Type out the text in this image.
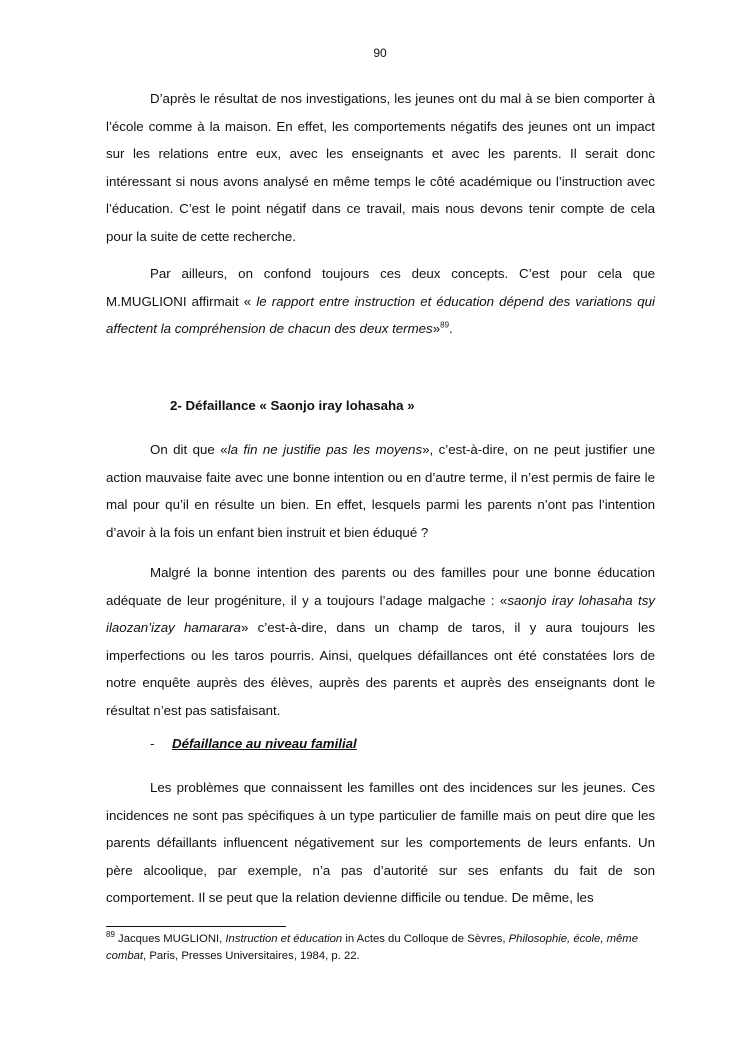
90

D’après le résultat de nos investigations, les jeunes ont du mal à se bien comporter à l’école comme à la maison. En effet, les comportements négatifs des jeunes ont un impact sur les relations entre eux, avec les enseignants et avec les parents. Il serait donc intéressant si nous avons analysé en même temps le côté académique ou l’instruction avec l’éducation. C’est le point négatif dans ce travail, mais nous devons tenir compte de cela pour la suite de cette recherche.

Par ailleurs, on confond toujours ces deux concepts. C’est pour cela que M.MUGLIONI affirmait « le rapport entre instruction et éducation dépend des variations qui affectent la compréhension de chacun des deux termes»$^{89}$.

2- Défaillance « Saonjo iray lohasaha »

On dit que «la fin ne justifie pas les moyens», c’est-à-dire, on ne peut justifier une action mauvaise faite avec une bonne intention ou en d’autre terme, il n’est permis de faire le mal pour qu’il en résulte un bien. En effet, lesquels parmi les parents n’ont pas l’intention d’avoir à la fois un enfant bien instruit et bien éduqué ?

Malgré la bonne intention des parents ou des familles pour une bonne éducation adéquate de leur progéniture, il y a toujours l’adage malgache : «saonjo iray lohasaha tsy ilaozan’izay hamarara» c’est-à-dire, dans un champ de taros, il y aura toujours les imperfections ou les taros pourris. Ainsi, quelques défaillances ont été constatées lors de notre enquête auprès des élèves, auprès des parents et auprès des enseignants dont le résultat n’est pas satisfaisant.

- Défaillance au niveau familial

Les problèmes que connaissent les familles ont des incidences sur les jeunes. Ces incidences ne sont pas spécifiques à un type particulier de famille mais on peut dire que les parents défaillants influencent négativement sur les comportements de leurs enfants. Un père alcoolique, par exemple, n’a pas d’autorité sur ses enfants du fait de son comportement. Il se peut que la relation devienne difficile ou tendue. De même, les

$^{89}$ Jacques MUGLIONI, Instruction et éducation in Actes du Colloque de Sèvres, Philosophie, école, même combat, Paris, Presses Universitaires, 1984, p. 22.
